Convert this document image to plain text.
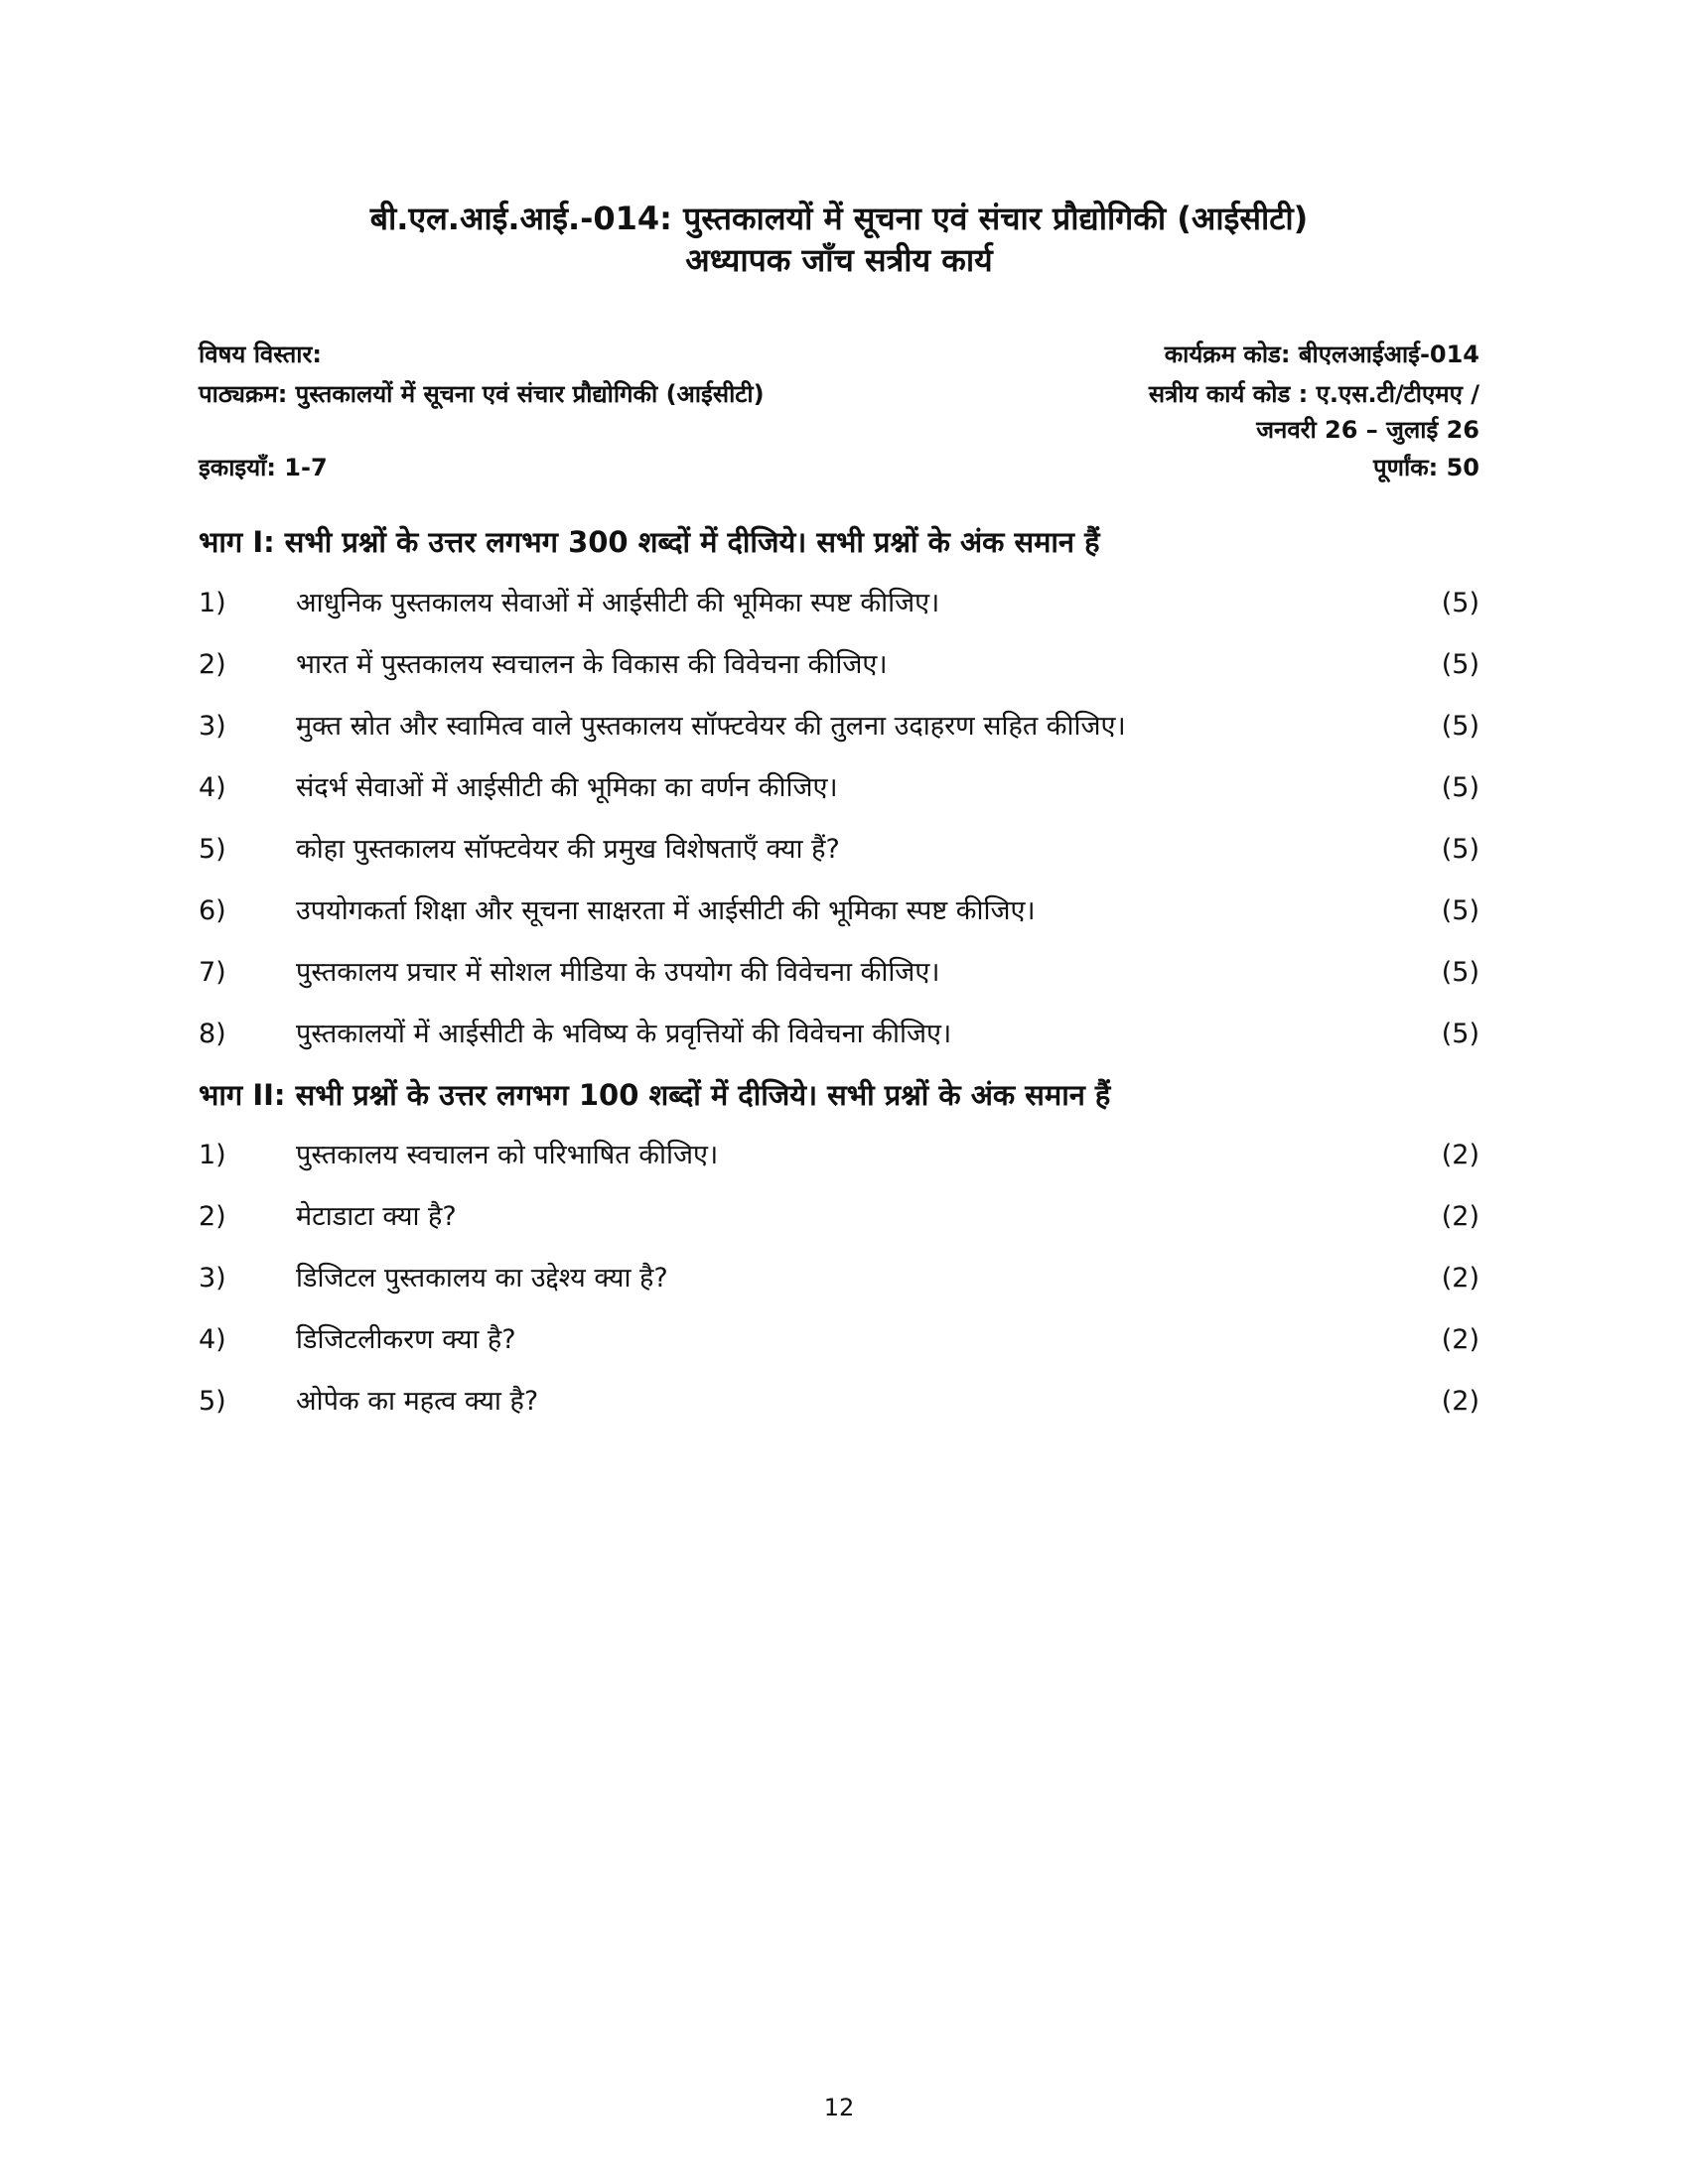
बी.एल.आई.आई.-014: पुस्तकालयों में सूचना एवं संचार प्रौद्योगिकी (आईसीटी)
अध्यापक जाँच सत्रीय कार्य
विषय विस्तार:
पाठ्यक्रम: पुस्तकालयों में सूचना एवं संचार प्रौद्योगिकी (आईसीटी)
इकाइयाँ: 1-7
कार्यक्रम कोड: बीएलआईआई-014
सत्रीय कार्य कोड : ए.एस.टी/टीएमए /
जनवरी 26 – जुलाई 26
पूर्णांक: 50
भाग I: सभी प्रश्नों के उत्तर लगभग 300 शब्दों में दीजिये। सभी प्रश्नों के अंक समान हैं
1)	आधुनिक पुस्तकालय सेवाओं में आईसीटी की भूमिका स्पष्ट कीजिए।	(5)
2)	भारत में पुस्तकालय स्वचालन के विकास की विवेचना कीजिए।	(5)
3)	मुक्त स्रोत और स्वामित्व वाले पुस्तकालय सॉफ्टवेयर की तुलना उदाहरण सहित कीजिए।	(5)
4)	संदर्भ सेवाओं में आईसीटी की भूमिका का वर्णन कीजिए।	(5)
5)	कोहा पुस्तकालय सॉफ्टवेयर की प्रमुख विशेषताएँ क्या हैं?	(5)
6)	उपयोगकर्ता शिक्षा और सूचना साक्षरता में आईसीटी की भूमिका स्पष्ट कीजिए।	(5)
7)	पुस्तकालय प्रचार में सोशल मीडिया के उपयोग की विवेचना कीजिए।	(5)
8)	पुस्तकालयों में आईसीटी के भविष्य के प्रवृत्तियों की विवेचना कीजिए।	(5)
भाग II: सभी प्रश्नों के उत्तर लगभग 100 शब्दों में दीजिये। सभी प्रश्नों के अंक समान हैं
1)	पुस्तकालय स्वचालन को परिभाषित कीजिए।	(2)
2)	मेटाडाटा क्या है?	(2)
3)	डिजिटल पुस्तकालय का उद्देश्य क्या है?	(2)
4)	डिजिटलीकरण क्या है?	(2)
5)	ओपेक का महत्व क्या है?	(2)
12
